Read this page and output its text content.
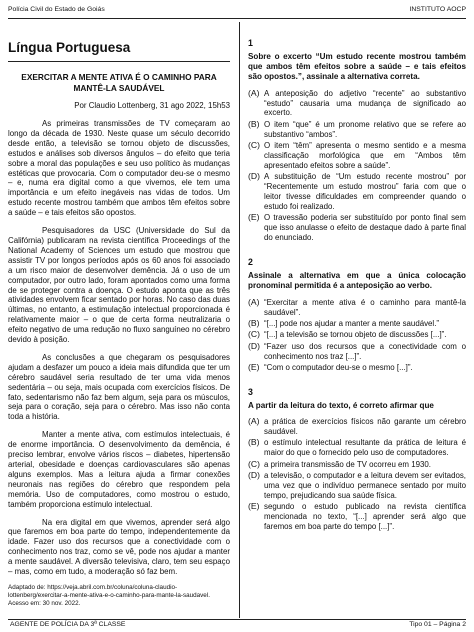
Polícia Civil do Estado de Goiás	INSTITUTO AOCP
Língua Portuguesa
EXERCITAR A MENTE ATIVA É O CAMINHO PARA MANTÊ-LA SAUDÁVEL
Por Claudio Lottenberg, 31 ago 2022, 15h53

As primeiras transmissões de TV começaram ao longo da década de 1930. Neste quase um século decorrido desde então, a televisão se tornou objeto de discussões, estudos e análises sob diversos ângulos – do efeito que teria sobre a moral das populações e seu uso político às mudanças estéticas que provocaria. Com o computador deu-se o mesmo – e, numa era digital como a que vivemos, ele tem uma importância e um efeito inegáveis nas vidas de todos. Um estudo recente mostrou também que ambos têm efeitos sobre a saúde – e tais efeitos são opostos.

Pesquisadores da USC (Universidade do Sul da Califórnia) publicaram na revista científica Proceedings of the National Academy of Sciences um estudo que mostrou que assistir TV por longos períodos após os 60 anos foi associado a um risco maior de desenvolver demência. Já o uso de um computador, por outro lado, foram apontados como uma forma de se proteger contra a doença. O estudo aponta que as três atividades envolvem ficar sentado por horas. No caso das duas últimas, no entanto, a estimulação intelectual proporcionada é relativamente maior – o que de certa forma neutralizaria o efeito negativo de uma redução no fluxo sanguíneo no cérebro devido à posição.

As conclusões a que chegaram os pesquisadores ajudam a desfazer um pouco a ideia mais difundida que ter um cérebro saudável seria resultado de ter uma vida menos sedentária – ou seja, mais ocupada com exercícios físicos. De fato, sedentarismo não faz bem algum, seja para os músculos, seja para o coração, seja para o cérebro. Mas isso não conta toda a história.

Manter a mente ativa, com estímulos intelectuais, é de enorme importância. O desenvolvimento da demência, é preciso lembrar, envolve vários riscos – diabetes, hipertensão arterial, obesidade e doenças cardiovasculares são apenas alguns exemplos. Mas a leitura ajuda a firmar conexões neuronais nas regiões do cérebro que respondem pela memória. Uso de computadores, como mostrou o estudo, também proporciona estímulo intelectual.

Na era digital em que vivemos, aprender será algo que faremos em boa parte do tempo, independentemente da idade. Fazer uso dos recursos que a conectividade com o conhecimento nos traz, como se vê, pode nos ajudar a manter a mente saudável. A diversão televisiva, claro, tem seu espaço – mas, como em tudo, a moderação só faz bem.

Adaptado de: https://veja.abril.com.br/coluna/coluna-claudio-lottenberg/exercitar-a-mente-ativa-e-o-caminho-para-mante-la-saudavel. Acesso em: 30 nov. 2022.

1
Sobre o excerto “Um estudo recente mostrou também que ambos têm efeitos sobre a saúde – e tais efeitos são opostos.”, assinale a alternativa correta.
(A) A anteposição do adjetivo “recente” ao substantivo “estudo” causaria uma mudança de significado ao excerto.
(B) O item “que” é um pronome relativo que se refere ao substantivo “ambos”.
(C) O item “têm” apresenta o mesmo sentido e a mesma classificação morfológica que em “Ambos têm apresentado efeitos sobre a saúde”.
(D) A substituição de “Um estudo recente mostrou” por “Recentemente um estudo mostrou” faria com que o leitor tivesse dificuldades em compreender quando o estudo foi realizado.
(E) O travessão poderia ser substituído por ponto final sem que isso anulasse o efeito de destaque dado à parte final do enunciado.
2
Assinale a alternativa em que a única colocação pronominal permitida é a anteposição ao verbo.
(A) “Exercitar a mente ativa é o caminho para mantê-la saudável”.
(B) “[...] pode nos ajudar a manter a mente saudável.”
(C) “[...] a televisão se tornou objeto de discussões [...]”.
(D) “Fazer uso dos recursos que a conectividade com o conhecimento nos traz [...]”.
(E) “Com o computador deu-se o mesmo [...]”.
3
A partir da leitura do texto, é correto afirmar que
(A) a prática de exercícios físicos não garante um cérebro saudável.
(B) o estímulo intelectual resultante da prática de leitura é maior do que o fornecido pelo uso de computadores.
(C) a primeira transmissão de TV ocorreu em 1930.
(D) a televisão, o computador e a leitura devem ser evitados, uma vez que o indivíduo permanece sentado por muito tempo, prejudicando sua saúde física.
(E) segundo o estudo publicado na revista científica mencionada no texto, “[...] aprender será algo que faremos em boa parte do tempo [...]”.
AGENTE DE POLÍCIA DA 3ª CLASSE	Tipo 01 – Página 2
